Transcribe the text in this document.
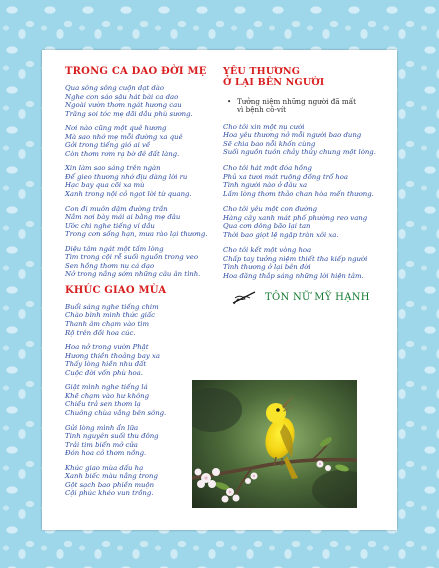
TRONG CA DAO ĐỜI MẸ
Qua sông sông cuộn dạt dào
Nghe con sáo sậu hát bài ca dao
Ngoài vườn thơm ngát hương cau
Trăng soi tóc mẹ dãi dầu phù sương.
Nơi nào cũng một quê hương
Mà sao nhớ mẹ mỗi đường xa quê
Gởi trong tiếng gió ai về
Còn thơm rơm rạ bờ đê đất làng.
Xin làm sao sáng trên ngàn
Để gieo thương nhớ địu dàng lời ru
Hạc bay qua cõi xa mù
Xanh trong nội cỏ ngọt lời từ quang.
Con đi muôn dặm đường trần
Nắm nơi bày mái ai bằng mẹ đâu
Ước chi nghe tiếng ví dầu
Trong cơn sống hạn, mưa rào lại thương.
Diệu tâm ngát một tấm lòng
Tìm trong cội rễ suối nguồn trong veo
Sen hồng thơm nụ cá dạo
Nở trong nắng sớm những câu ân tình.
KHÚC GIAO MÙA
Buổi sáng nghe tiếng chim
Chào bình minh thức giấc
Thanh âm chạm vào tim
Rộ trên đồi hoa cúc.
Hoa nở trong vườn Phật
Hương thiền thoảng bay xa
Thấy lòng hiền nhu đất
Cuộc đời vốn phù hoa.
Giật mình nghe tiếng lá
Khẽ chạm vào hư không
Chiều trả sen thơm lạ
Chuông chùa vắng bên sông.
Gửi lòng mình ẩn lữa
Tinh nguyên suối thu đông
Trải tim biển mở cửa
Đón hoa cỏ thơm nồng.
Khúc giao mùa dấu hạ
Xanh biếc màu nắng trong
Gột sạch bao phiền muộn
Cội phúc khéo vun trồng.
YÊU THƯƠNG
Ở LẠI BÊN NGƯỜI
• Tưởng niệm những người đã mất
vì bệnh cô-vít
Cho tôi xin một nụ cười
Hoa yêu thương nở mỗi người bao dung
Sẽ chia bao nỗi khốn cùng
Suối nguồn tuôn chảy thủy chung một lòng.
Cho tôi hát một đóa hồng
Phủ xa tươi mát ruộng đồng trổ hoa
Tình người nào ở đâu xa
Lấm lòng thơm thảo chan hòa mến thương.
Cho tôi yêu một con đường
Hàng cây xanh mát phố phường reo vang
Qua cơn dông bão lại tan
Thời bao giọt lệ ngập tràn xôi xa.
Cho tôi kết một vòng hoa
Chấp tay tưởng niệm thiết tha kiếp người
Tình thương ở lại bên đời
Hoa đăng thắp sáng những lời hiện tâm.
TÔN NỮ MỸ HẠNH
